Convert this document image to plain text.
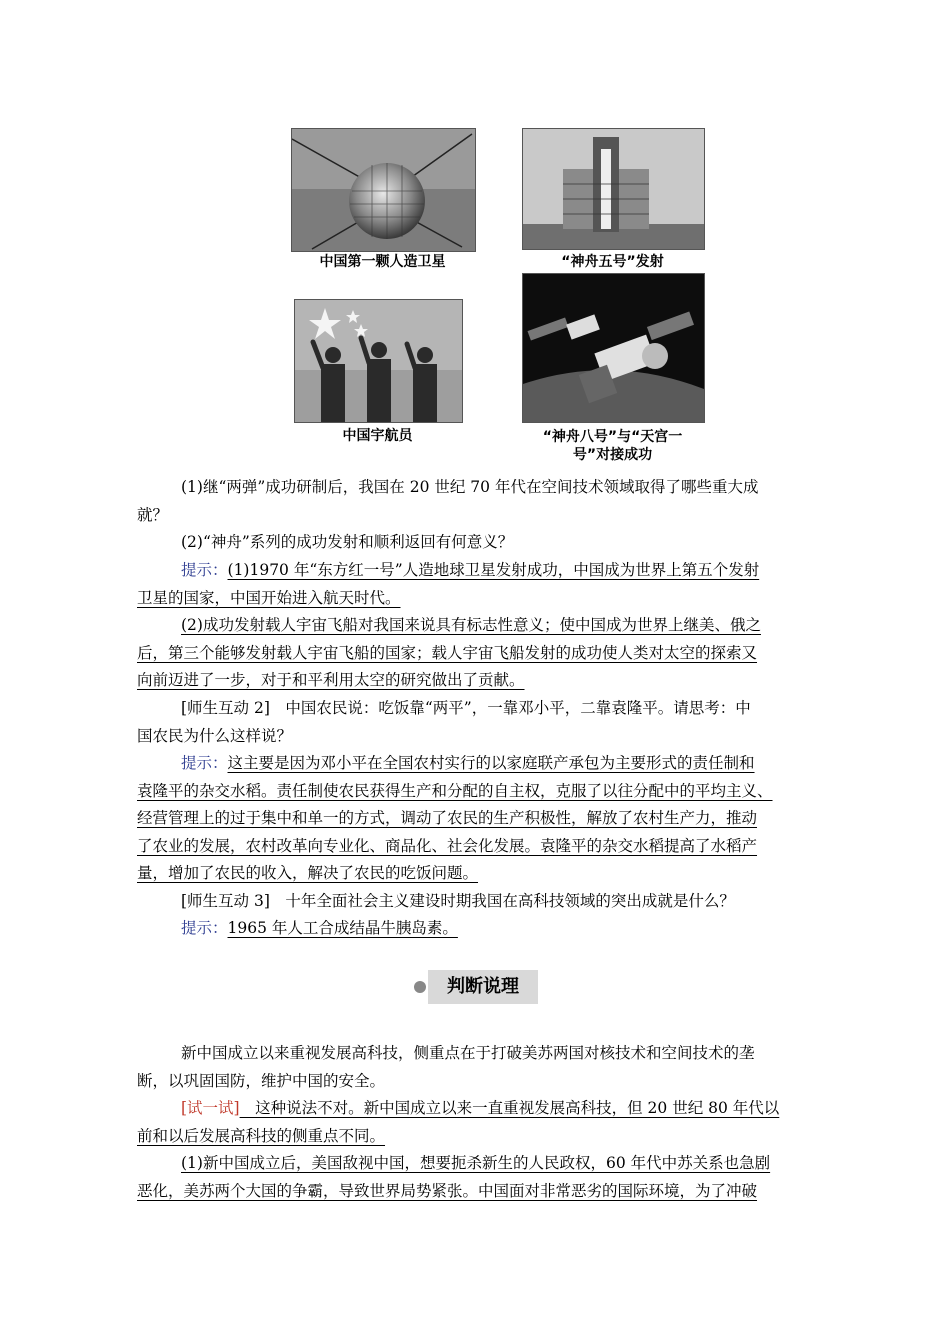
中国第一颗人造卫星	“神舟五号”发射
中国宇航员	“神舟八号”与“天宫一
号”对接成功
(1)继“两弹”成功研制后，我国在 20 世纪 70 年代在空间技术领域取得了哪些重大成
就？
(2)“神舟”系列的成功发射和顺利返回有何意义？
提示：(1)1970 年“东方红一号”人造地球卫星发射成功，中国成为世界上第五个发射
卫星的国家，中国开始进入航天时代。
(2)成功发射载人宇宙飞船对我国来说具有标志性意义；使中国成为世界上继美、俄之
后，第三个能够发射载人宇宙飞船的国家；载人宇宙飞船发射的成功使人类对太空的探索又
向前迈进了一步，对于和平利用太空的研究做出了贡献。
[师生互动 2]　中国农民说：吃饭靠“两平”，一靠邓小平，二靠袁隆平。请思考：中
国农民为什么这样说？
提示：这主要是因为邓小平在全国农村实行的以家庭联产承包为主要形式的责任制和
袁隆平的杂交水稻。责任制使农民获得生产和分配的自主权，克服了以往分配中的平均主义、
经营管理上的过于集中和单一的方式，调动了农民的生产积极性，解放了农村生产力，推动
了农业的发展，农村改革向专业化、商品化、社会化发展。袁隆平的杂交水稻提高了水稻产
量，增加了农民的收入，解决了农民的吃饭问题。
[师生互动 3]　十年全面社会主义建设时期我国在高科技领域的突出成就是什么？
提示：1965 年人工合成结晶牛胰岛素。
判断说理
新中国成立以来重视发展高科技，侧重点在于打破美苏两国对核技术和空间技术的垄
断，以巩固国防，维护中国的安全。
[试一试]　这种说法不对。新中国成立以来一直重视发展高科技，但 20 世纪 80 年代以
前和以后发展高科技的侧重点不同。
(1)新中国成立后，美国敌视中国，想要扼杀新生的人民政权，60 年代中苏关系也急剧
恶化，美苏两个大国的争霸，导致世界局势紧张。中国面对非常恶劣的国际环境，为了冲破
